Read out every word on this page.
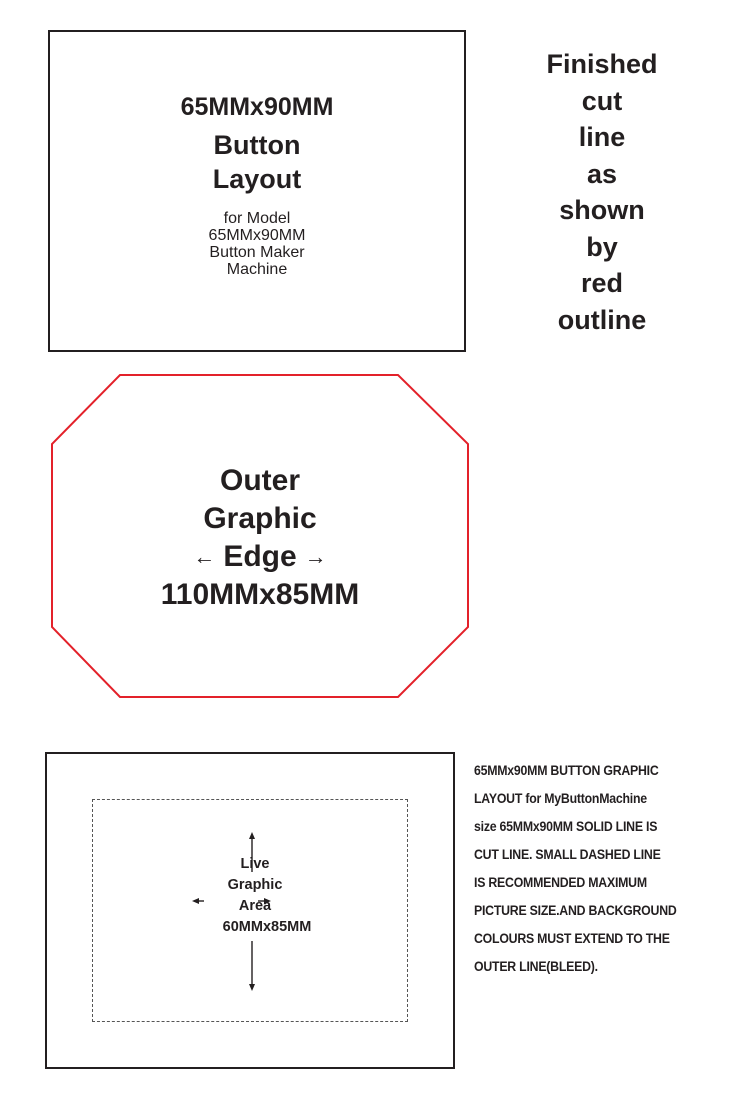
65MMx90MM
Button
Layout
for Model
65MMx90MM
Button Maker
Machine
Finished
cut
line
as
shown
by
red
outline
Outer
Graphic
← Edge →
110MMx85MM
Live
Graphic
Area
60MMx85MM
65MMx90MM BUTTON GRAPHIC
LAYOUT for MyButtonMachine
size 65MMx90MM SOLID LINE IS
CUT LINE. SMALL DASHED LINE
IS RECOMMENDED MAXIMUM
PICTURE SIZE.AND BACKGROUND
COLOURS MUST EXTEND TO THE
OUTER LINE(BLEED).
